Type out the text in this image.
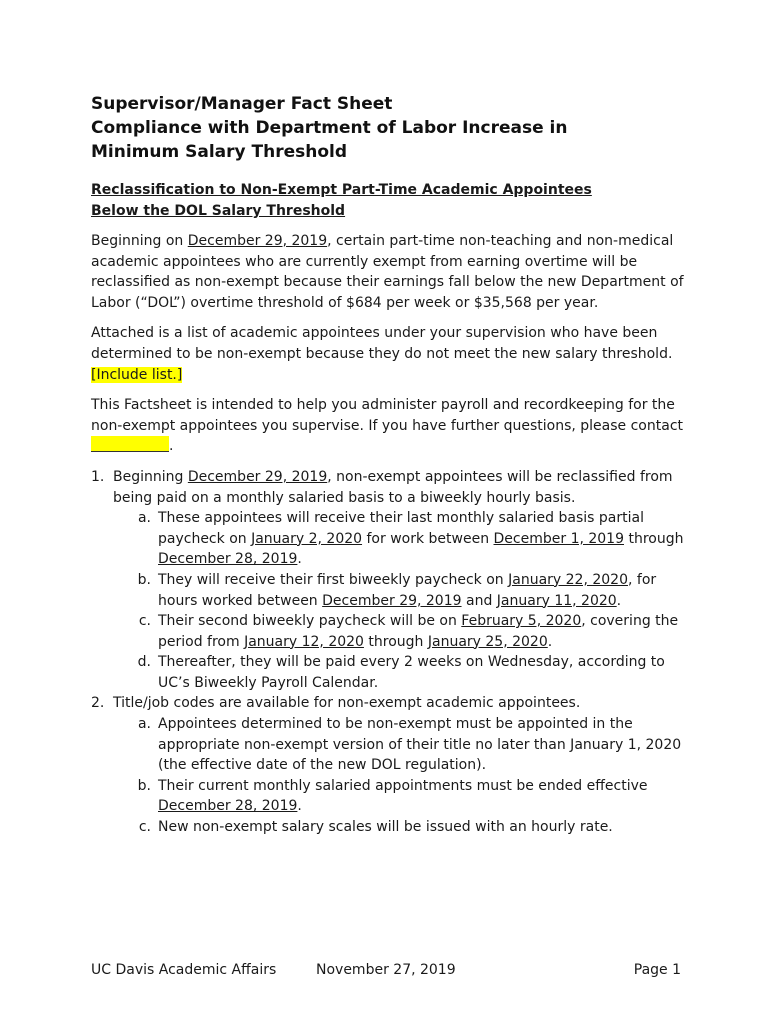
Supervisor/Manager Fact Sheet
Compliance with Department of Labor Increase in
Minimum Salary Threshold
Reclassification to Non-Exempt Part-Time Academic Appointees
Below the DOL Salary Threshold

Beginning on December 29, 2019, certain part-time non-teaching and non-medical academic appointees who are currently exempt from earning overtime will be reclassified as non-exempt because their earnings fall below the new Department of Labor (“DOL”) overtime threshold of $684 per week or $35,568 per year.

Attached is a list of academic appointees under your supervision who have been determined to be non-exempt because they do not meet the new salary threshold. [Include list.]

This Factsheet is intended to help you administer payroll and recordkeeping for the non-exempt appointees you supervise. If you have further questions, please contact .

1. Beginning December 29, 2019, non-exempt appointees will be reclassified from being paid on a monthly salaried basis to a biweekly hourly basis.
a. These appointees will receive their last monthly salaried basis partial paycheck on January 2, 2020 for work between December 1, 2019 through December 28, 2019.
b. They will receive their first biweekly paycheck on January 22, 2020, for hours worked between December 29, 2019 and January 11, 2020.
c. Their second biweekly paycheck will be on February 5, 2020, covering the period from January 12, 2020 through January 25, 2020.
d. Thereafter, they will be paid every 2 weeks on Wednesday, according to UC’s Biweekly Payroll Calendar.
2. Title/job codes are available for non-exempt academic appointees.
a. Appointees determined to be non-exempt must be appointed in the appropriate non-exempt version of their title no later than January 1, 2020 (the effective date of the new DOL regulation).
b. Their current monthly salaried appointments must be ended effective December 28, 2019.
c. New non-exempt salary scales will be issued with an hourly rate.
UC Davis Academic Affairs	November 27, 2019	Page 1
